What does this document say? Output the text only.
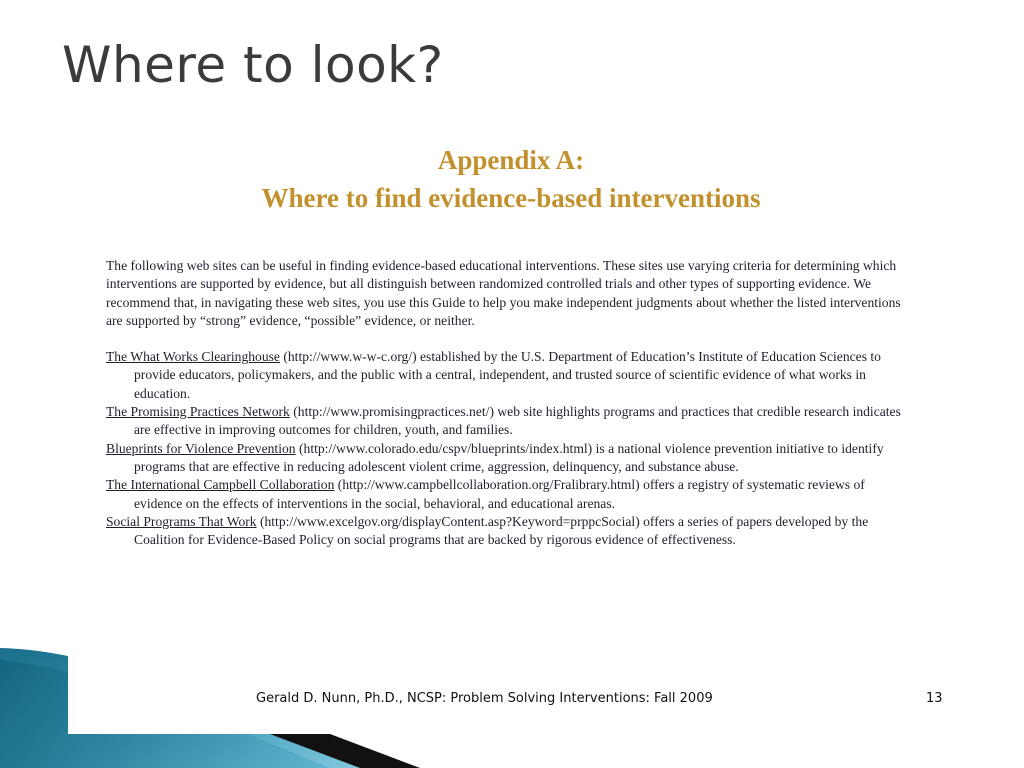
Where to look?
Appendix A:
Where to find evidence-based interventions

The following web sites can be useful in finding evidence-based educational interventions. These sites use varying criteria for determining which interventions are supported by evidence, but all distinguish between randomized controlled trials and other types of supporting evidence. We recommend that, in navigating these web sites, you use this Guide to help you make independent judgments about whether the listed interventions are supported by “strong” evidence, “possible” evidence, or neither.

The What Works Clearinghouse (http://www.w-w-c.org/) established by the U.S. Department of Education’s Institute of Education Sciences to provide educators, policymakers, and the public with a central, independent, and trusted source of scientific evidence of what works in education.

The Promising Practices Network (http://www.promisingpractices.net/) web site highlights programs and practices that credible research indicates are effective in improving outcomes for children, youth, and families.

Blueprints for Violence Prevention (http://www.colorado.edu/cspv/blueprints/index.html) is a national violence prevention initiative to identify programs that are effective in reducing adolescent violent crime, aggression, delinquency, and substance abuse.

The International Campbell Collaboration (http://www.campbellcollaboration.org/Fralibrary.html) offers a registry of systematic reviews of evidence on the effects of interventions in the social, behavioral, and educational arenas.

Social Programs That Work (http://www.excelgov.org/displayContent.asp?Keyword=prppcSocial) offers a series of papers developed by the Coalition for Evidence-Based Policy on social programs that are backed by rigorous evidence of effectiveness.

Gerald D. Nunn, Ph.D., NCSP: Problem Solving Interventions: Fall 2009	13
